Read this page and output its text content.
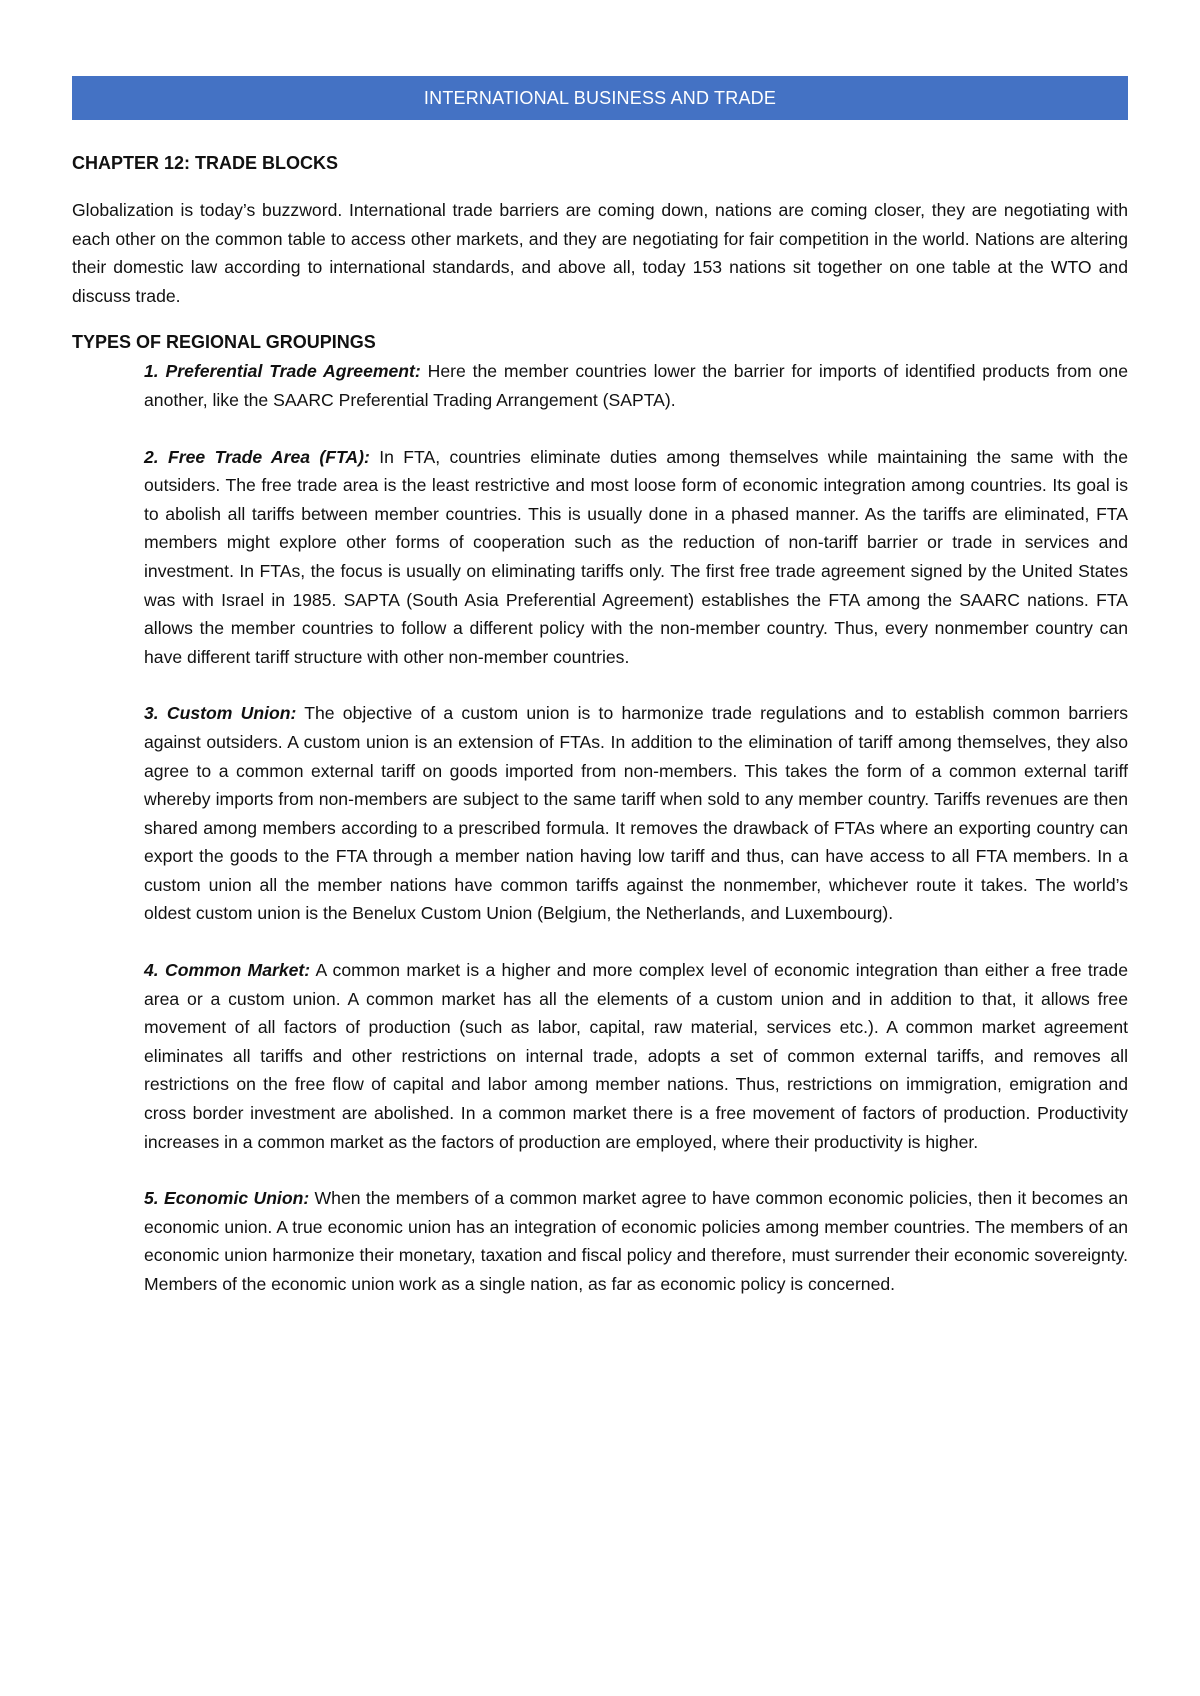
INTERNATIONAL BUSINESS AND TRADE
CHAPTER 12: TRADE BLOCKS

Globalization is today’s buzzword. International trade barriers are coming down, nations are coming closer, they are negotiating with each other on the common table to access other markets, and they are negotiating for fair competition in the world. Nations are altering their domestic law according to international standards, and above all, today 153 nations sit together on one table at the WTO and discuss trade.

TYPES OF REGIONAL GROUPINGS

1. Preferential Trade Agreement: Here the member countries lower the barrier for imports of identified products from one another, like the SAARC Preferential Trading Arrangement (SAPTA).

2. Free Trade Area (FTA): In FTA, countries eliminate duties among themselves while maintaining the same with the outsiders. The free trade area is the least restrictive and most loose form of economic integration among countries. Its goal is to abolish all tariffs between member countries. This is usually done in a phased manner. As the tariffs are eliminated, FTA members might explore other forms of cooperation such as the reduction of non-tariff barrier or trade in services and investment. In FTAs, the focus is usually on eliminating tariffs only. The first free trade agreement signed by the United States was with Israel in 1985. SAPTA (South Asia Preferential Agreement) establishes the FTA among the SAARC nations. FTA allows the member countries to follow a different policy with the non-member country. Thus, every nonmember country can have different tariff structure with other non-member countries.

3. Custom Union: The objective of a custom union is to harmonize trade regulations and to establish common barriers against outsiders. A custom union is an extension of FTAs. In addition to the elimination of tariff among themselves, they also agree to a common external tariff on goods imported from non-members. This takes the form of a common external tariff whereby imports from non-members are subject to the same tariff when sold to any member country. Tariffs revenues are then shared among members according to a prescribed formula. It removes the drawback of FTAs where an exporting country can export the goods to the FTA through a member nation having low tariff and thus, can have access to all FTA members. In a custom union all the member nations have common tariffs against the nonmember, whichever route it takes. The world’s oldest custom union is the Benelux Custom Union (Belgium, the Netherlands, and Luxembourg).

4. Common Market: A common market is a higher and more complex level of economic integration than either a free trade area or a custom union. A common market has all the elements of a custom union and in addition to that, it allows free movement of all factors of production (such as labor, capital, raw material, services etc.). A common market agreement eliminates all tariffs and other restrictions on internal trade, adopts a set of common external tariffs, and removes all restrictions on the free flow of capital and labor among member nations. Thus, restrictions on immigration, emigration and cross border investment are abolished. In a common market there is a free movement of factors of production. Productivity increases in a common market as the factors of production are employed, where their productivity is higher.

5. Economic Union: When the members of a common market agree to have common economic policies, then it becomes an economic union. A true economic union has an integration of economic policies among member countries. The members of an economic union harmonize their monetary, taxation and fiscal policy and therefore, must surrender their economic sovereignty. Members of the economic union work as a single nation, as far as economic policy is concerned.
